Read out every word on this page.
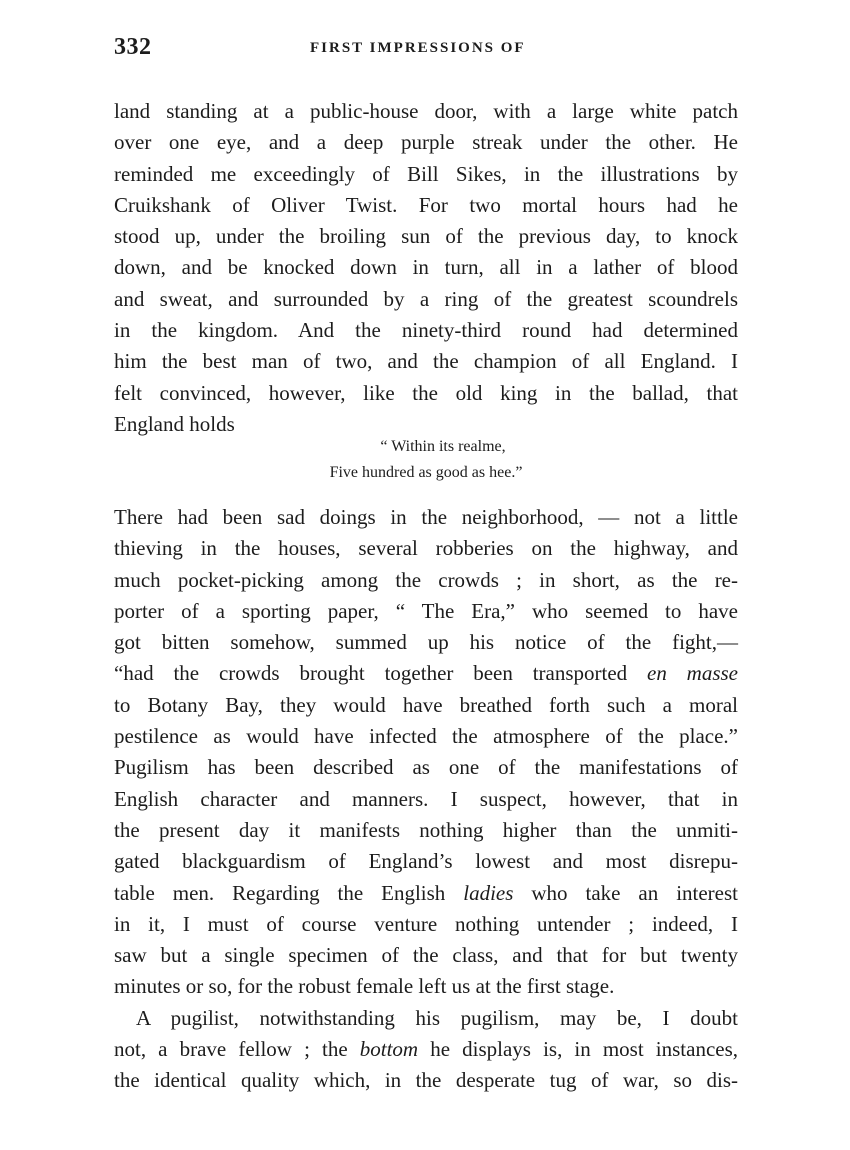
332	FIRST IMPRESSIONS OF
land standing at a public-house door, with a large white patch
over one eye, and a deep purple streak under the other. He
reminded me exceedingly of Bill Sikes, in the illustrations by
Cruikshank of Oliver Twist. For two mortal hours had he
stood up, under the broiling sun of the previous day, to knock
down, and be knocked down in turn, all in a lather of blood
and sweat, and surrounded by a ring of the greatest scoundrels
in the kingdom. And the ninety-third round had determined
him the best man of two, and the champion of all England. I
felt convinced, however, like the old king in the ballad, that
England holds
“ Within its realme,
Five hundred as good as hee.”
There had been sad doings in the neighborhood, — not a little
thieving in the houses, several robberies on the highway, and
much pocket-picking among the crowds ; in short, as the re-
porter of a sporting paper, “ The Era,” who seemed to have
got bitten somehow, summed up his notice of the fight,—
“had the crowds brought together been transported en masse
to Botany Bay, they would have breathed forth such a moral
pestilence as would have infected the atmosphere of the place.”
Pugilism has been described as one of the manifestations of
English character and manners. I suspect, however, that in
the present day it manifests nothing higher than the unmiti-
gated blackguardism of England’s lowest and most disrepu-
table men. Regarding the English ladies who take an interest
in it, I must of course venture nothing untender ; indeed, I
saw but a single specimen of the class, and that for but twenty
minutes or so, for the robust female left us at the first stage.
A pugilist, notwithstanding his pugilism, may be, I doubt
not, a brave fellow ; the bottom he displays is, in most instances,
the identical quality which, in the desperate tug of war, so dis-
